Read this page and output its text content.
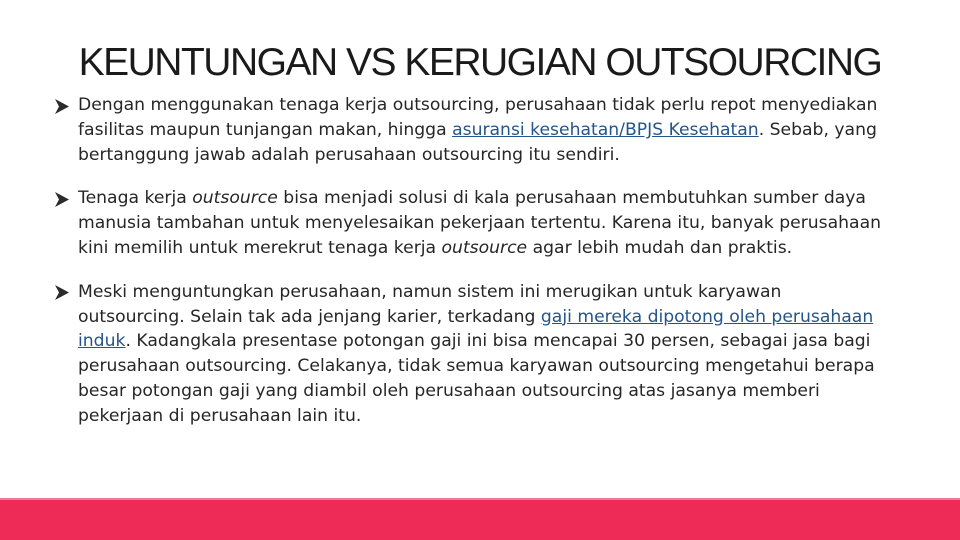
KEUNTUNGAN VS KERUGIAN OUTSOURCING
Dengan menggunakan tenaga kerja outsourcing, perusahaan tidak perlu repot menyediakan fasilitas maupun tunjangan makan, hingga asuransi kesehatan/BPJS Kesehatan. Sebab, yang bertanggung jawab adalah perusahaan outsourcing itu sendiri.
Tenaga kerja outsource bisa menjadi solusi di kala perusahaan membutuhkan sumber daya manusia tambahan untuk menyelesaikan pekerjaan tertentu. Karena itu, banyak perusahaan kini memilih untuk merekrut tenaga kerja outsource agar lebih mudah dan praktis.
Meski menguntungkan perusahaan, namun sistem ini merugikan untuk karyawan outsourcing. Selain tak ada jenjang karier, terkadang gaji mereka dipotong oleh perusahaan induk. Kadangkala presentase potongan gaji ini bisa mencapai 30 persen, sebagai jasa bagi perusahaan outsourcing. Celakanya, tidak semua karyawan outsourcing mengetahui berapa besar potongan gaji yang diambil oleh perusahaan outsourcing atas jasanya memberi pekerjaan di perusahaan lain itu.
